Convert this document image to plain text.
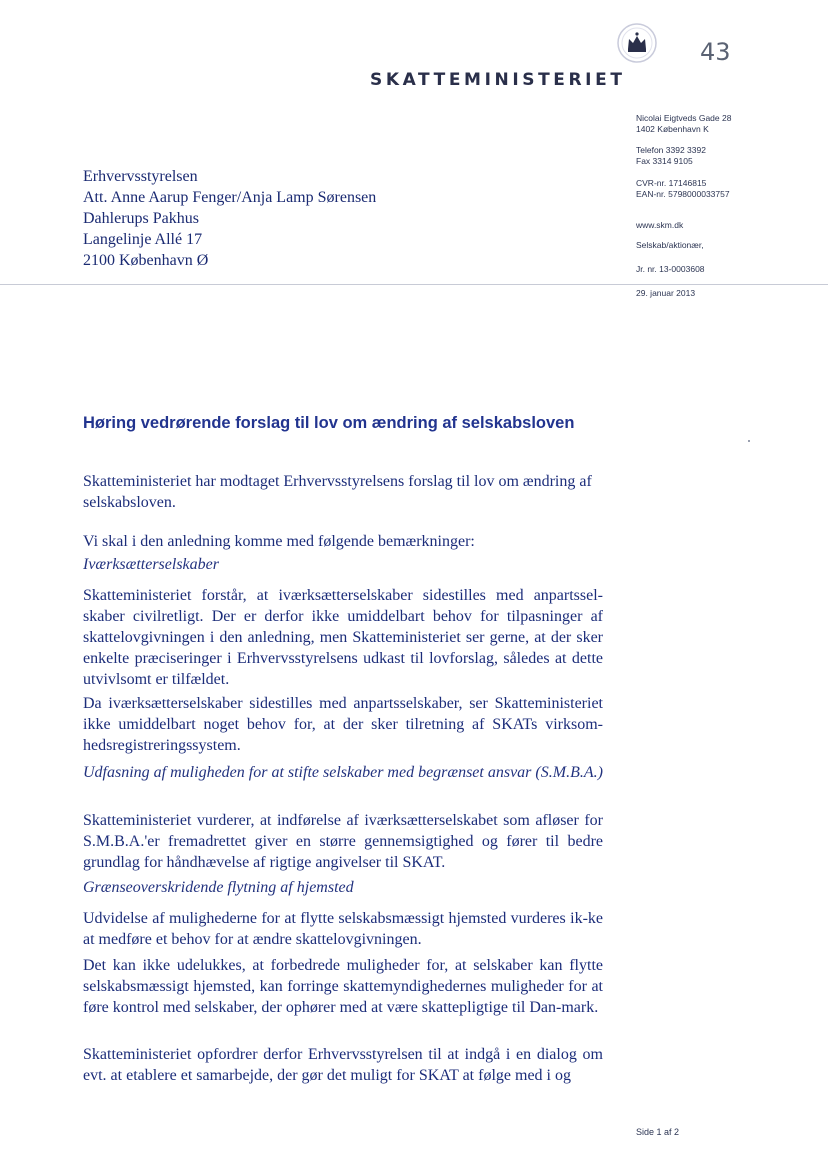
43
SKATTEMINISTERIET
Nicolai Eigtveds Gade 28
1402 København K
Telefon 3392 3392
Fax 3314 9105
CVR-nr. 17146815
EAN-nr. 5798000033757
www.skm.dk
Selskab/aktionær,
Jr. nr. 13-0003608
29. januar 2013
Erhvervsstyrelsen
Att. Anne Aarup Fenger/Anja Lamp Sørensen
Dahlerups Pakhus
Langelinje Allé 17
2100 København Ø
Høring vedrørende forslag til lov om ændring af selskabsloven

Skatteministeriet har modtaget Erhvervsstyrelsens forslag til lov om ændring af selskabsloven.

Vi skal i den anledning komme med følgende bemærkninger:

Iværksætterselskaber

Skatteministeriet forstår, at iværksætterselskaber sidestilles med anpartssel-skaber civilretligt. Der er derfor ikke umiddelbart behov for tilpasninger af skattelovgivningen i den anledning, men Skatteministeriet ser gerne, at der sker enkelte præciseringer i Erhvervsstyrelsens udkast til lovforslag, således at dette utvivlsomt er tilfældet.

Da iværksætterselskaber sidestilles med anpartsselskaber, ser Skatteministeriet ikke umiddelbart noget behov for, at der sker tilretning af SKATs virksom-hedsregistreringssystem.

Udfasning af muligheden for at stifte selskaber med begrænset ansvar (S.M.B.A.)

Skatteministeriet vurderer, at indførelse af iværksætterselskabet som afløser for S.M.B.A.'er fremadrettet giver en større gennemsigtighed og fører til bedre grundlag for håndhævelse af rigtige angivelser til SKAT.

Grænseoverskridende flytning af hjemsted

Udvidelse af mulighederne for at flytte selskabsmæssigt hjemsted vurderes ik-ke at medføre et behov for at ændre skattelovgivningen.

Det kan ikke udelukkes, at forbedrede muligheder for, at selskaber kan flytte selskabsmæssigt hjemsted, kan forringe skattemyndighedernes muligheder for at føre kontrol med selskaber, der ophører med at være skattepligtige til Dan-mark.

Skatteministeriet opfordrer derfor Erhvervsstyrelsen til at indgå i en dialog om evt. at etablere et samarbejde, der gør det muligt for SKAT at følge med i og

Side 1 af 2
